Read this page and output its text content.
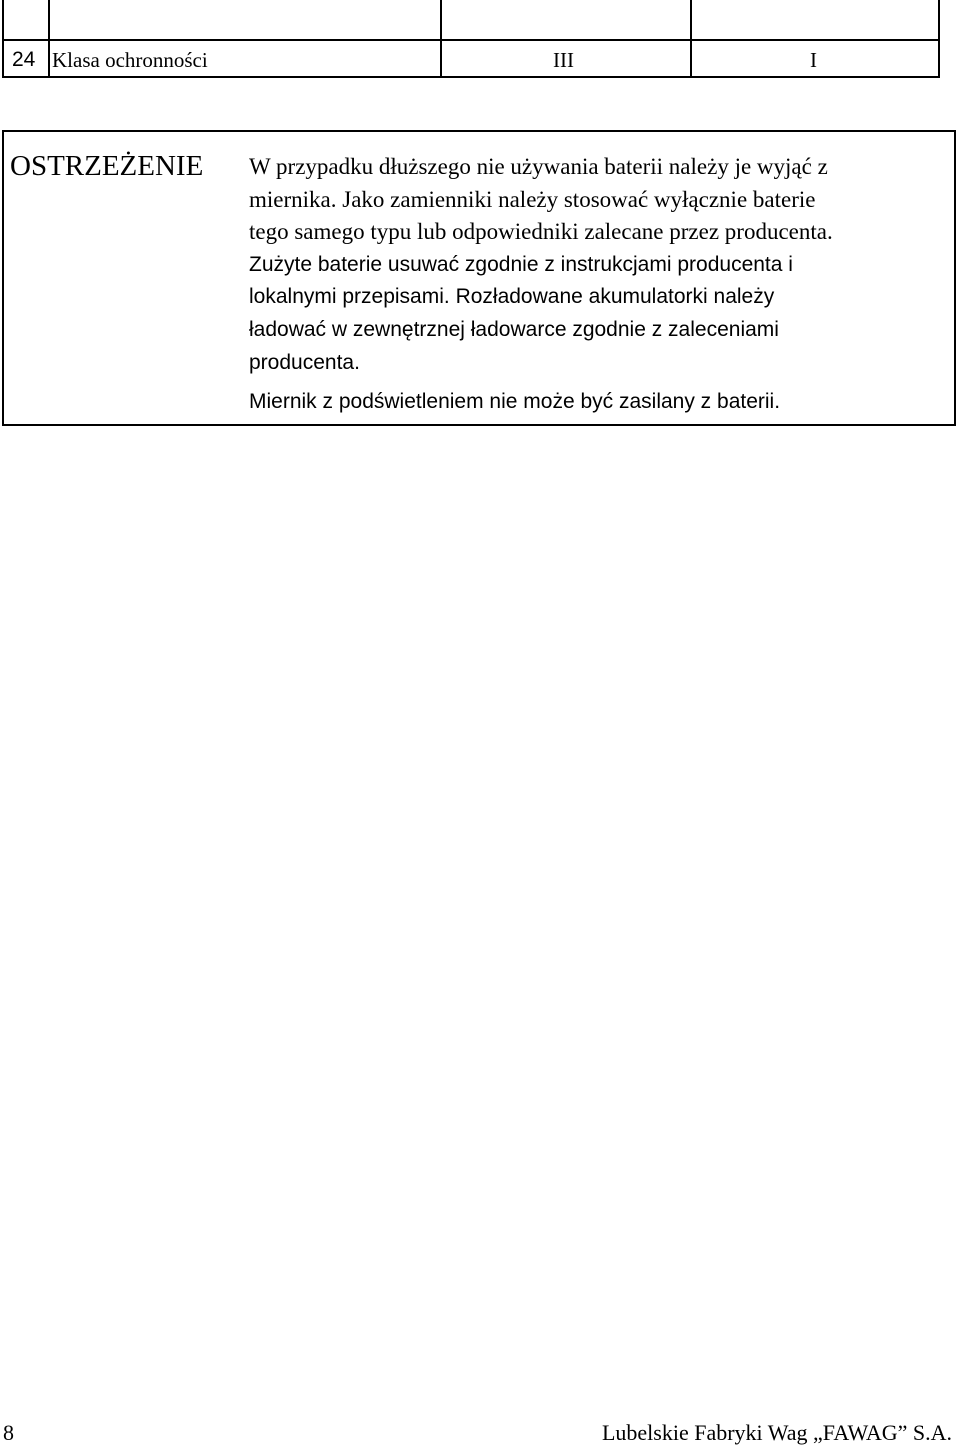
24 Klasa ochronności	III	I
OSTRZEŻENIE W przypadku dłuższego nie używania baterii należy je wyjąć z
miernika. Jako zamienniki należy stosować wyłącznie baterie
tego samego typu lub odpowiedniki zalecane przez producenta.
Zużyte baterie usuwać zgodnie z instrukcjami producenta i
lokalnymi przepisami. Rozładowane akumulatorki należy
ładować w zewnętrznej ładowarce zgodnie z zaleceniami
producenta.

Miernik z podświetleniem nie może być zasilany z baterii.

8	Lubelskie Fabryki Wag „FAWAG” S.A.
